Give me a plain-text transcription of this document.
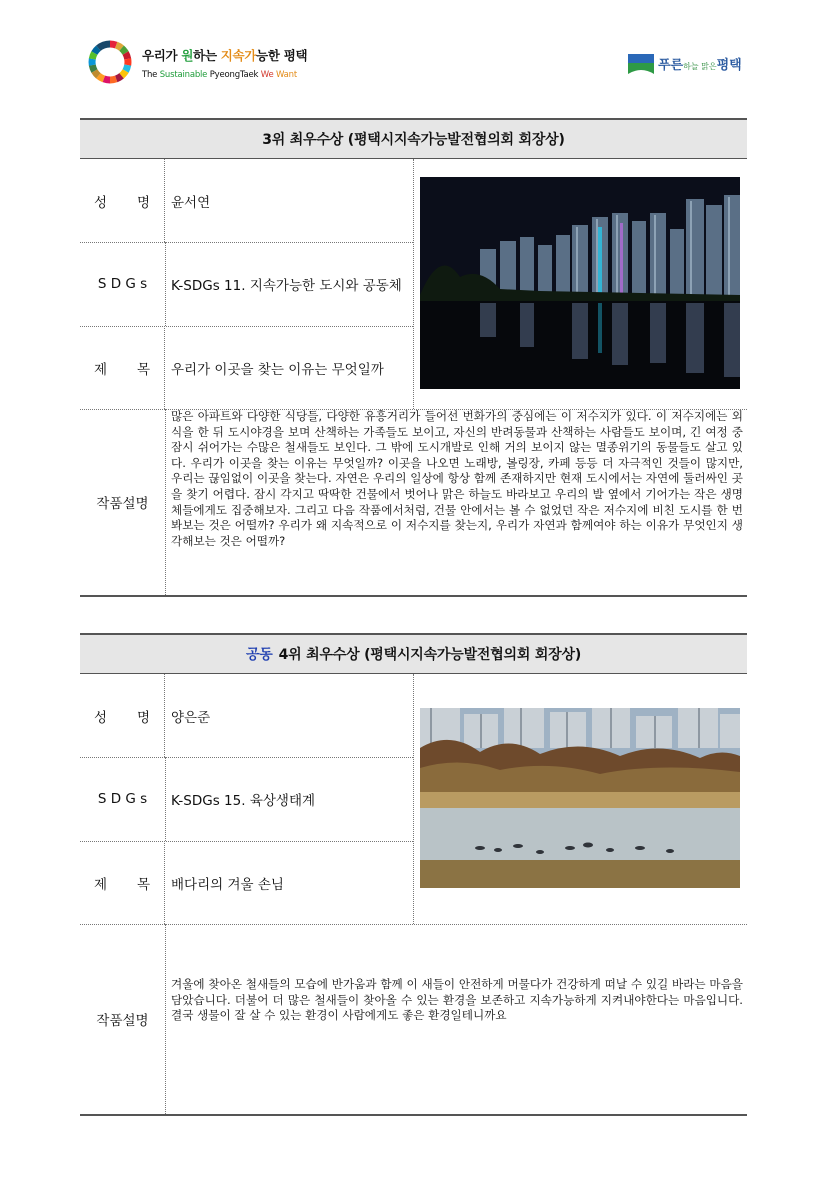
우리가 원하는 지속가능한 평택
The Sustainable PyeongTaek We Want
푸른하늘 맑은평택
3위 최우수상 (평택시지속가능발전협의회 회장상)
성 명 윤서연
S D G s	K-SDGs 11. 지속가능한 도시와 공동체
제 목 우리가 이곳을 찾는 이유는 무엇일까
작품설명
많은 아파트와 다양한 식당들, 다양한 유흥거리가 들어선 번화가의 중심에는 이 저수지가 있다. 이 저수지에는 외식을 한 뒤 도시야경을 보며 산책하는 가족들도 보이고, 자신의 반려동물과 산책하는 사람들도 보이며, 긴 여정 중 잠시 쉬어가는 수많은 철새들도 보인다. 그 밖에 도시개발로 인해 거의 보이지 않는 멸종위기의 동물들도 살고 있다. 우리가 이곳을 찾는 이유는 무엇일까? 이곳을 나오면 노래방, 볼링장, 카페 등등 더 자극적인 것들이 많지만, 우리는 끊임없이 이곳을 찾는다. 자연은 우리의 일상에 항상 함께 존재하지만 현재 도시에서는 자연에 둘러싸인 곳을 찾기 어렵다. 잠시 각지고 딱딱한 건물에서 벗어나 맑은 하늘도 바라보고 우리의 발 옆에서 기어가는 작은 생명체들에게도 집중해보자. 그리고 다음 작품에서처럼, 건물 안에서는 볼 수 없었던 작은 저수지에 비친 도시를 한 번 봐보는 것은 어떨까? 우리가 왜 지속적으로 이 저수지를 찾는지, 우리가 자연과 함께여야 하는 이유가 무엇인지 생각해보는 것은 어떨까?
공동 4위 최우수상 (평택시지속가능발전협의회 회장상)
성 명 양은준
S D G s	K-SDGs 15. 육상생태계
제 목 배다리의 겨울 손님
작품설명
겨울에 찾아온 철새들의 모습에 반가움과 함께 이 새들이 안전하게 머물다가 건강하게 떠날 수 있길 바라는 마음을 담았습니다. 더불어 더 많은 철새들이 찾아올 수 있는 환경을 보존하고 지속가능하게 지켜내야한다는 마음입니다. 결국 생물이 잘 살 수 있는 환경이 사람에게도 좋은 환경일테니까요
